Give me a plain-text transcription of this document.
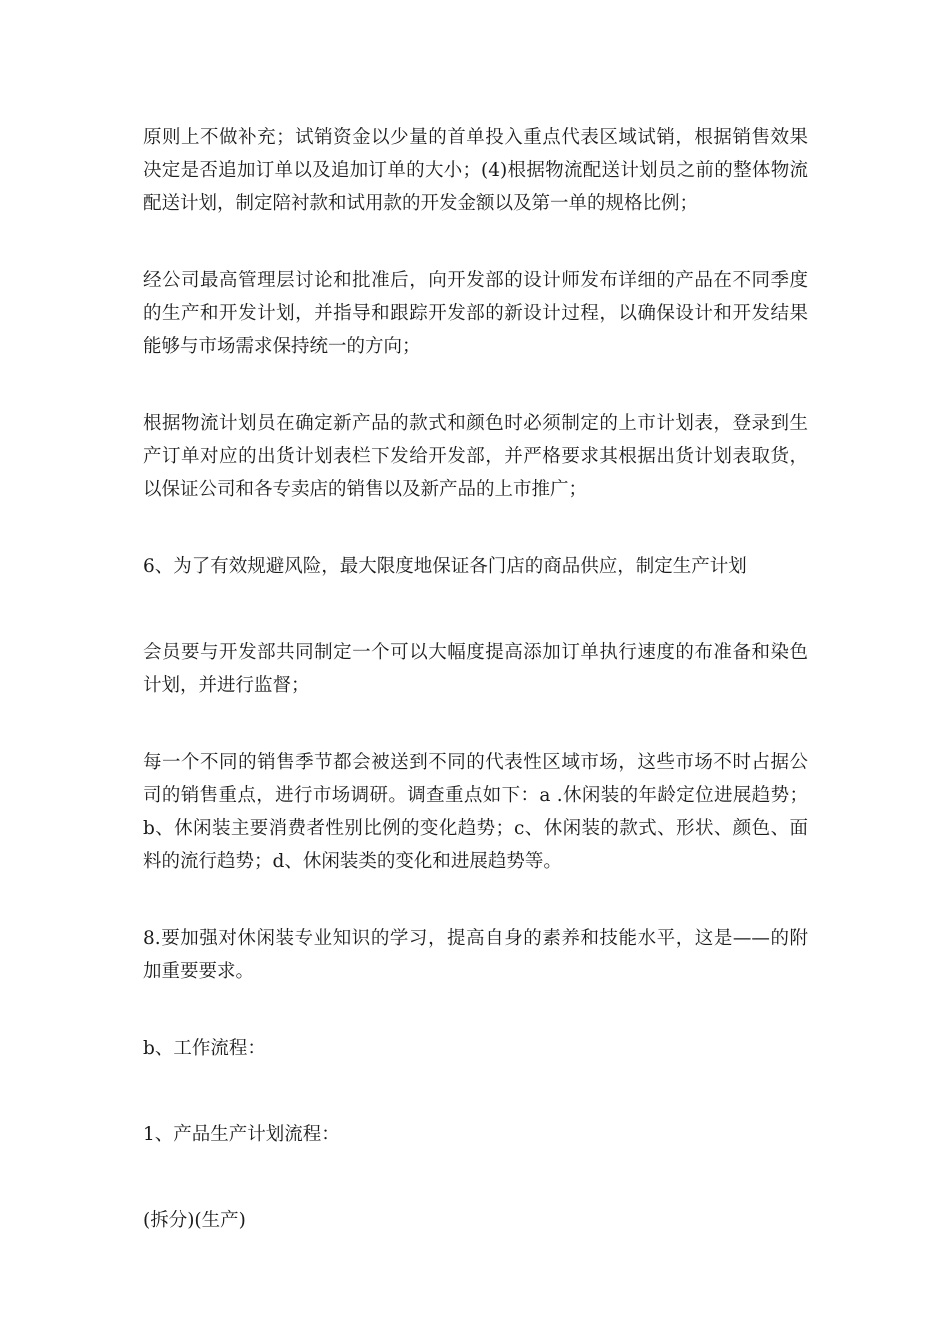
原则上不做补充；试销资金以少量的首单投入重点代表区域试销，根据销售效果决定是否追加订单以及追加订单的大小；(4)根据物流配送计划员之前的整体物流配送计划，制定陪衬款和试用款的开发金额以及第一单的规格比例；

经公司最高管理层讨论和批准后，向开发部的设计师发布详细的产品在不同季度的生产和开发计划，并指导和跟踪开发部的新设计过程，以确保设计和开发结果能够与市场需求保持统一的方向；

根据物流计划员在确定新产品的款式和颜色时必须制定的上市计划表，登录到生产订单对应的出货计划表栏下发给开发部，并严格要求其根据出货计划表取货，以保证公司和各专卖店的销售以及新产品的上市推广；

6、为了有效规避风险，最大限度地保证各门店的商品供应，制定生产计划

会员要与开发部共同制定一个可以大幅度提高添加订单执行速度的布准备和染色计划，并进行监督；

每一个不同的销售季节都会被送到不同的代表性区域市场，这些市场不时占据公司的销售重点，进行市场调研。调查重点如下：a .休闲装的年龄定位进展趋势；b、休闲装主要消费者性别比例的变化趋势；c、休闲装的款式、形状、颜色、面料的流行趋势；d、休闲装类的变化和进展趋势等。

8.要加强对休闲装专业知识的学习，提高自身的素养和技能水平，这是——的附加重要要求。

b、工作流程：

1、产品生产计划流程：

(拆分)(生产)
